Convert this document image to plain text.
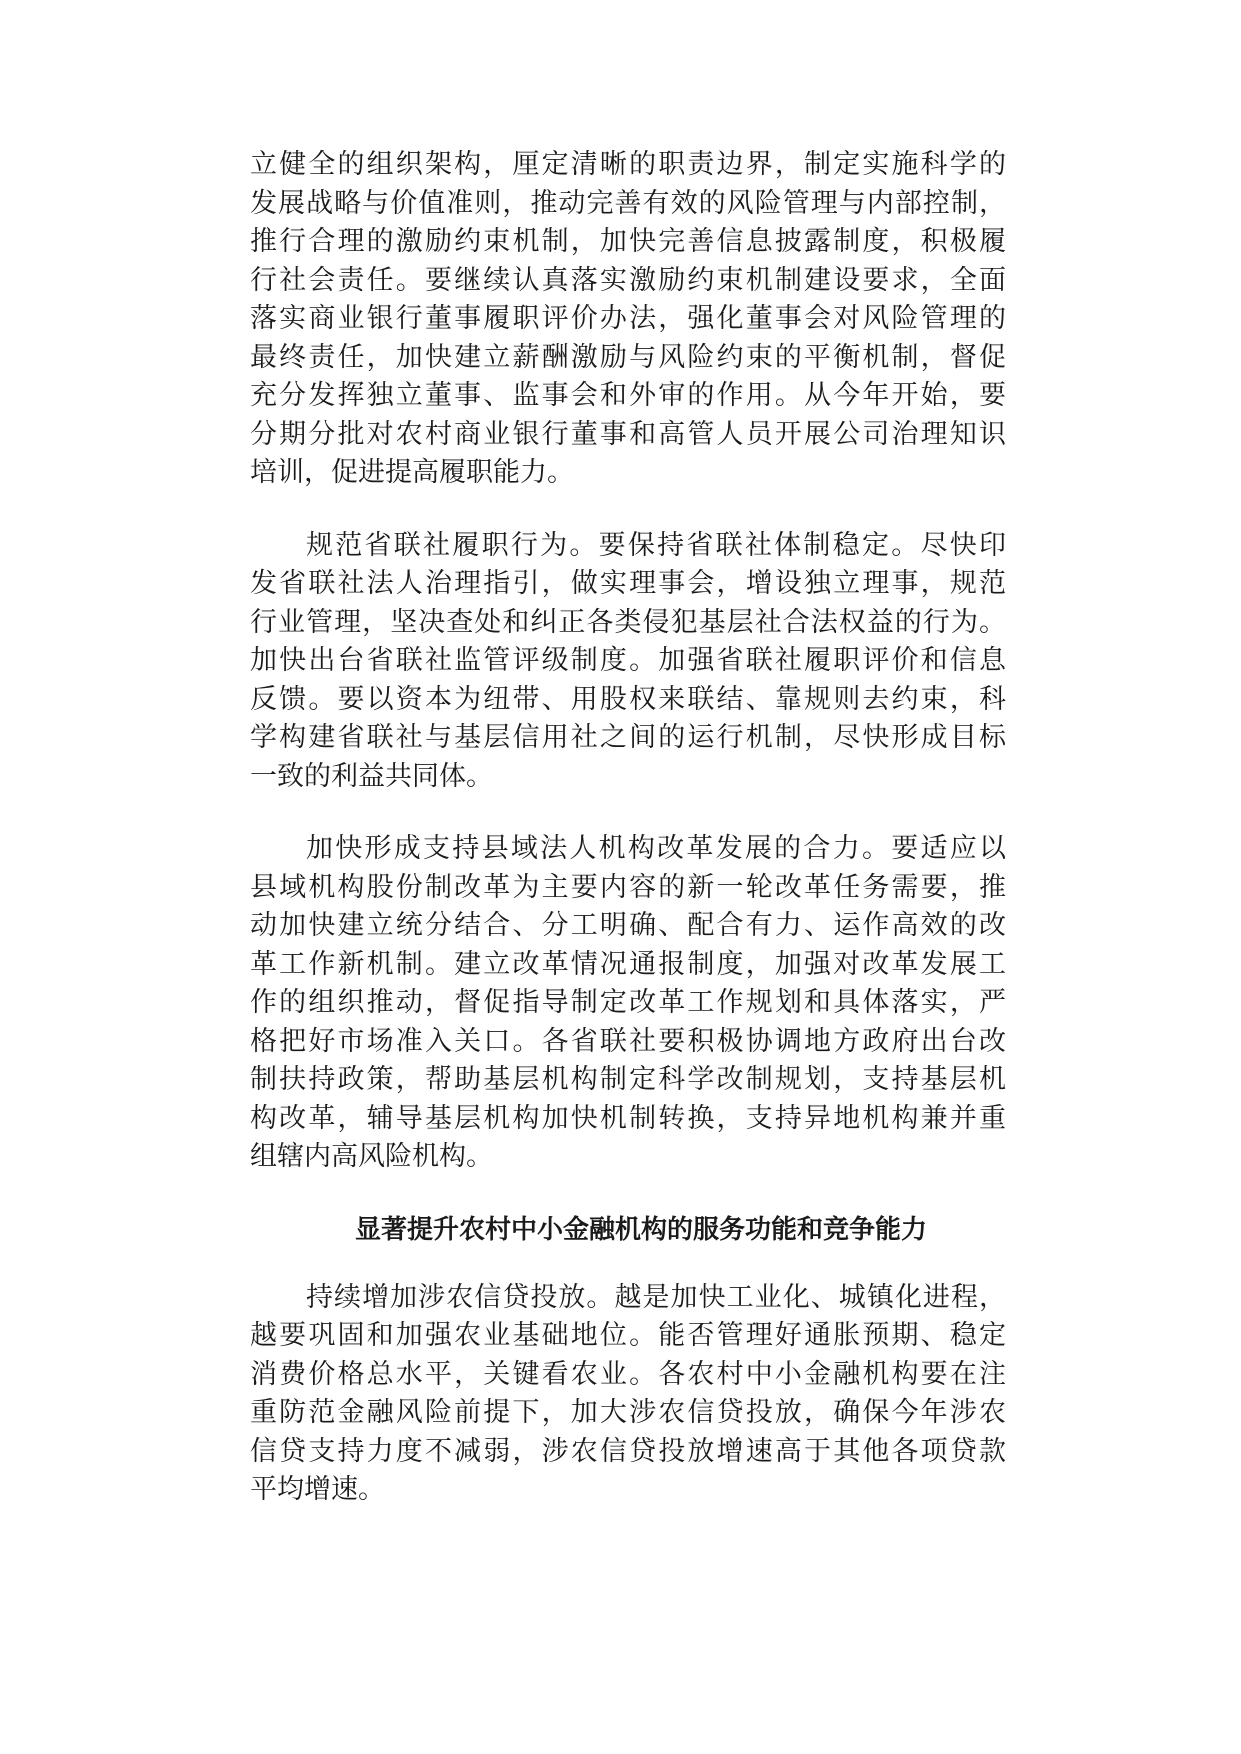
立健全的组织架构，厘定清晰的职责边界，制定实施科学的
发展战略与价值准则，推动完善有效的风险管理与内部控制，
推行合理的激励约束机制，加快完善信息披露制度，积极履
行社会责任。要继续认真落实激励约束机制建设要求，全面
落实商业银行董事履职评价办法，强化董事会对风险管理的
最终责任，加快建立薪酬激励与风险约束的平衡机制，督促
充分发挥独立董事、监事会和外审的作用。从今年开始，要
分期分批对农村商业银行董事和高管人员开展公司治理知识
培训，促进提高履职能力。

规范省联社履职行为。要保持省联社体制稳定。尽快印
发省联社法人治理指引，做实理事会，增设独立理事，规范
行业管理，坚决查处和纠正各类侵犯基层社合法权益的行为。
加快出台省联社监管评级制度。加强省联社履职评价和信息
反馈。要以资本为纽带、用股权来联结、靠规则去约束，科
学构建省联社与基层信用社之间的运行机制，尽快形成目标
一致的利益共同体。

加快形成支持县域法人机构改革发展的合力。要适应以
县域机构股份制改革为主要内容的新一轮改革任务需要，推
动加快建立统分结合、分工明确、配合有力、运作高效的改
革工作新机制。建立改革情况通报制度，加强对改革发展工
作的组织推动，督促指导制定改革工作规划和具体落实，严
格把好市场准入关口。各省联社要积极协调地方政府出台改
制扶持政策，帮助基层机构制定科学改制规划，支持基层机
构改革，辅导基层机构加快机制转换，支持异地机构兼并重
组辖内高风险机构。

显著提升农村中小金融机构的服务功能和竞争能力

持续增加涉农信贷投放。越是加快工业化、城镇化进程，
越要巩固和加强农业基础地位。能否管理好通胀预期、稳定
消费价格总水平，关键看农业。各农村中小金融机构要在注
重防范金融风险前提下，加大涉农信贷投放，确保今年涉农
信贷支持力度不减弱，涉农信贷投放增速高于其他各项贷款
平均增速。
